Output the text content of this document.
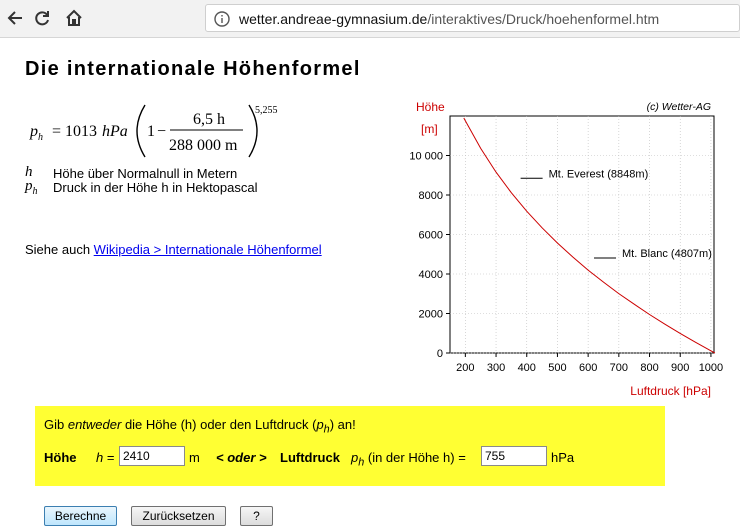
wetter.andreae-gymnasium.de/interaktives/Druck/hoehenformel.htm
Die internationale Höhenformel
p h = 1013 hPa 1 −
6,5 h
288 000 m
5,255
h Höhe über Normalnull in Metern
$p_h$ Druck in der Höhe h in Hektopascal
Siehe auch Wikipedia > Internationale Höhenformel
200 300 400 500 600 700 800 900 1000
0
2000
4000
6000
8000
10 000
Höhe
[m]
Luftdruck [hPa]
(c) Wetter-AG
Mt. Everest (8848m)
Mt. Blanc (4807m)
Gib entweder die Höhe (h) oder den Luftdruck $(p_h)$ an!
Höhe h =
2410	m < oder > Luftdruck $p_h$ (in der Höhe h) =
755	hPa
Berechne	Zurücksetzen	?
